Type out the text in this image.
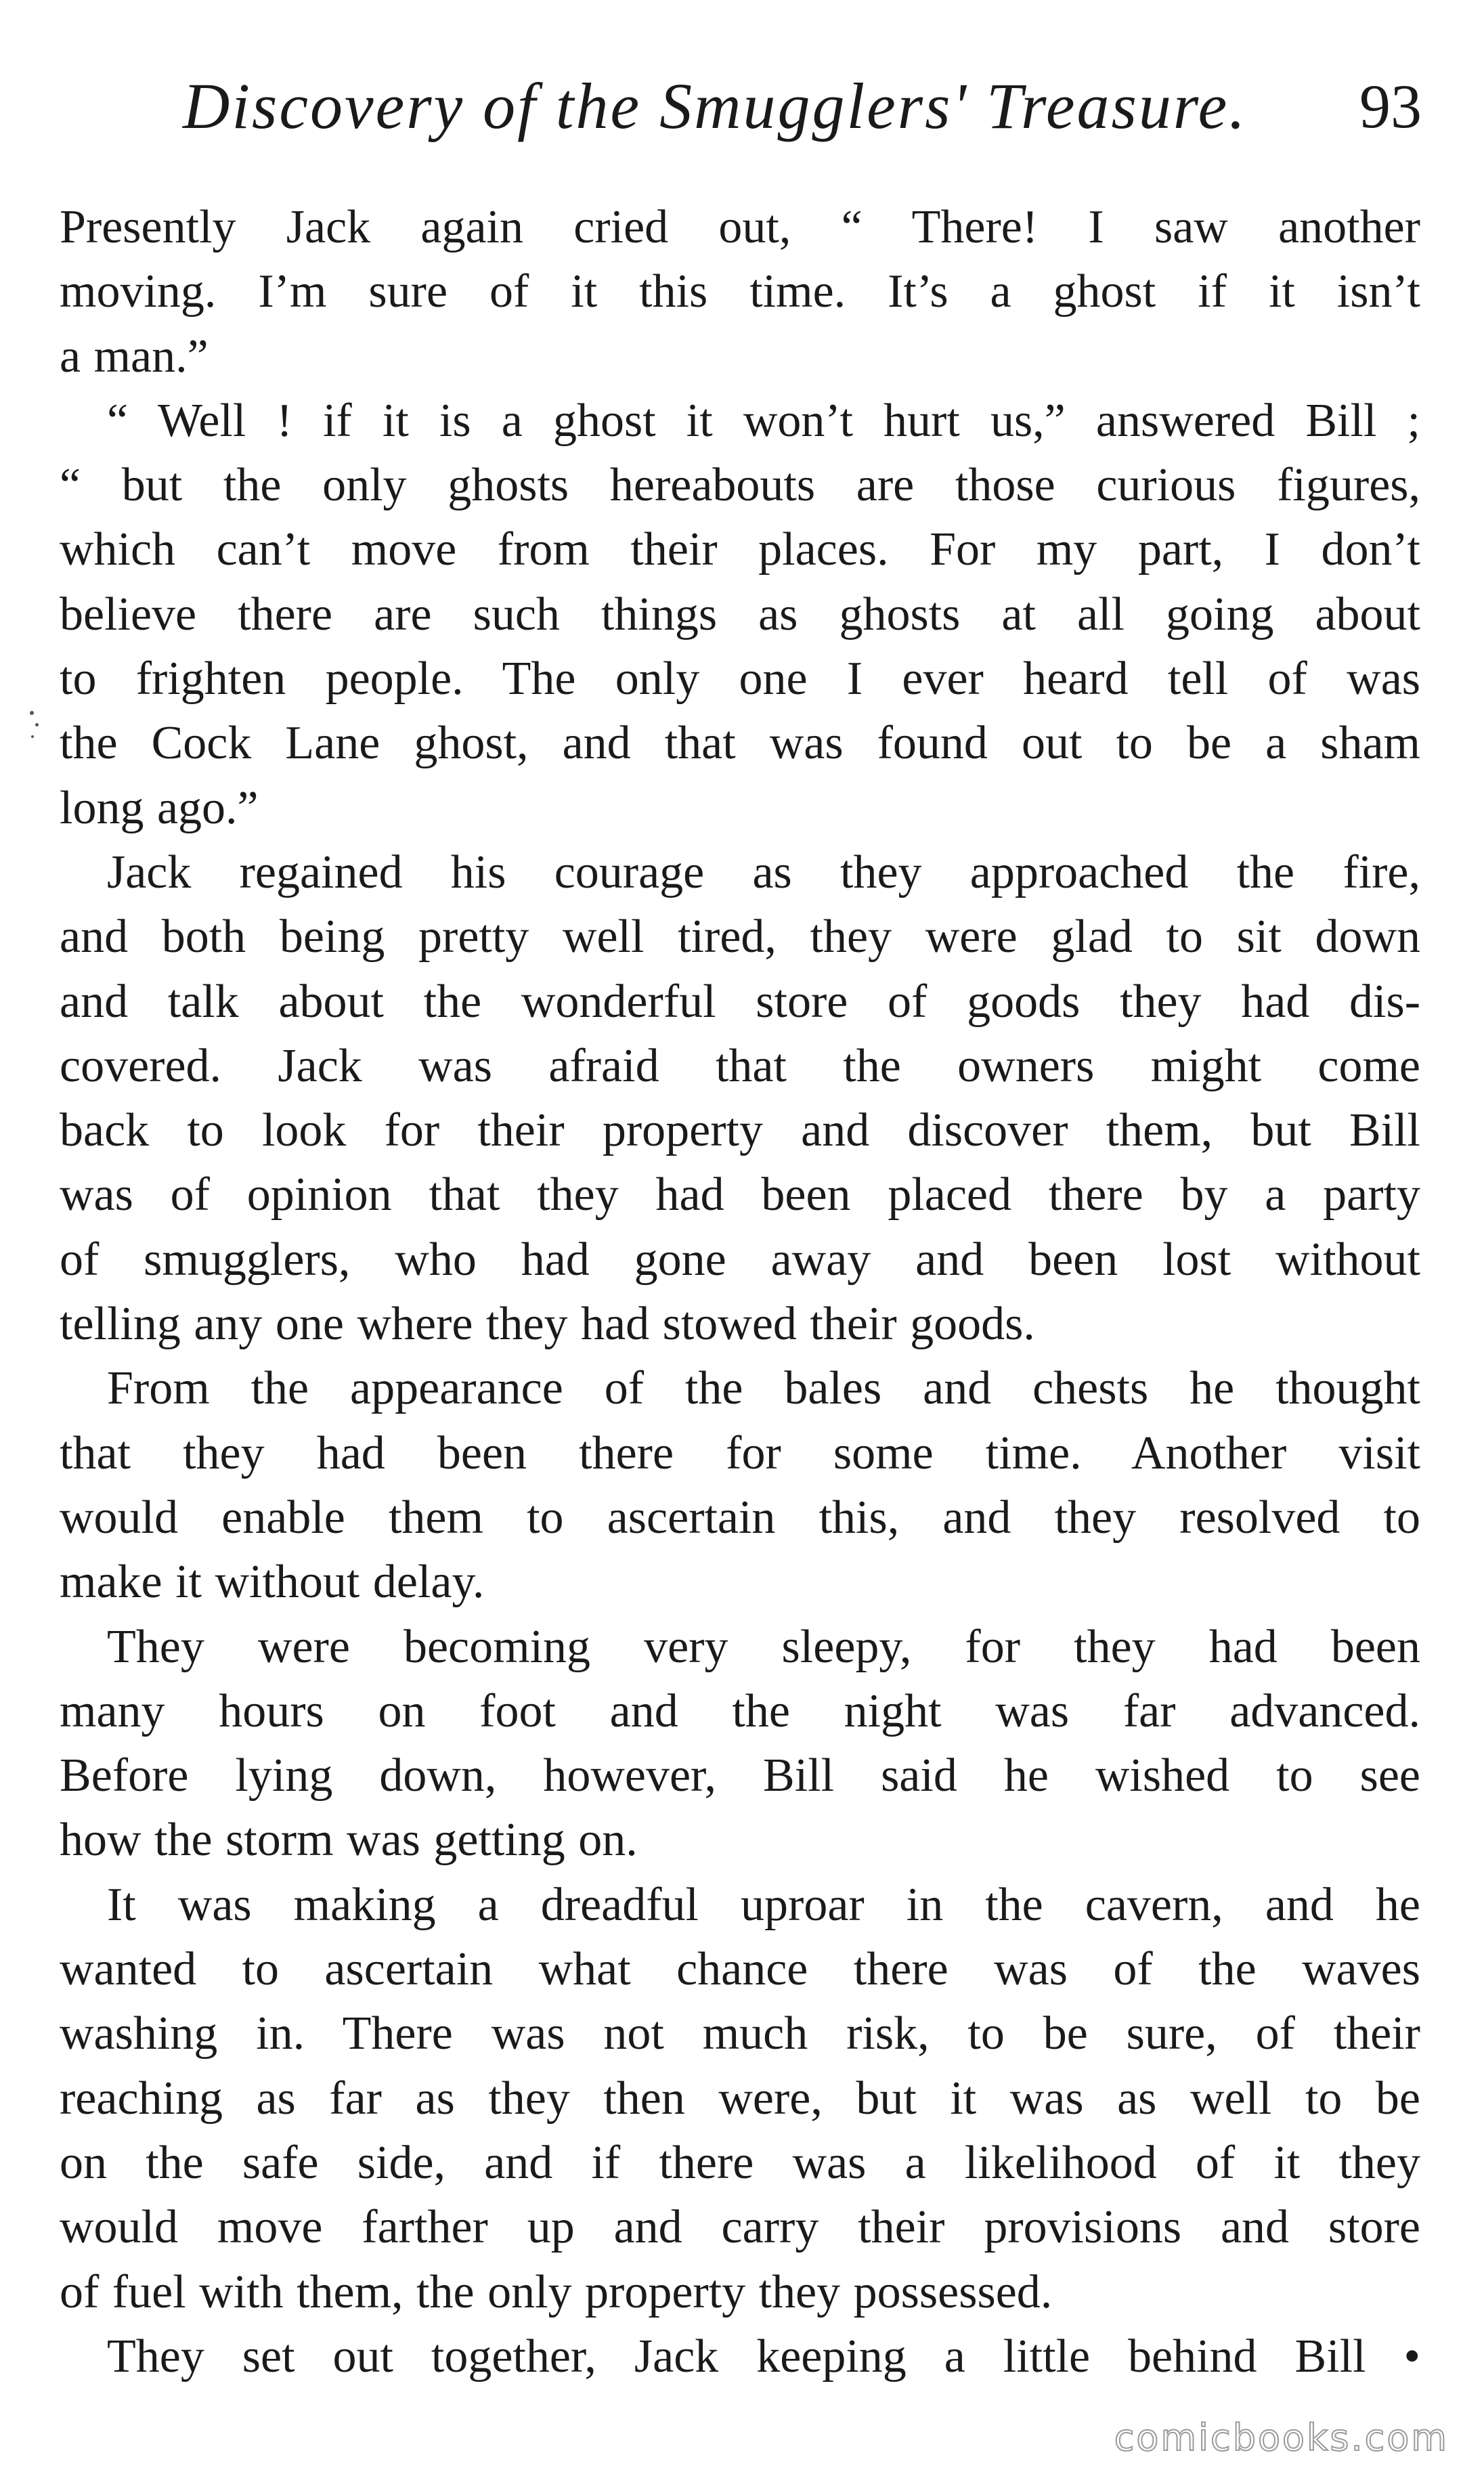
Discovery of the Smugglers' Treasure. 93
Presently Jack again cried out, “ There! I saw another
moving. I’m sure of it this time. It’s a ghost if it isn’t
a man.”
“ Well ! if it is a ghost it won’t hurt us,” answered Bill ;
“ but the only ghosts hereabouts are those curious figures,
which can’t move from their places. For my part, I don’t
believe there are such things as ghosts at all going about
to frighten people. The only one I ever heard tell of was
the Cock Lane ghost, and that was found out to be a sham
long ago.”
Jack regained his courage as they approached the fire,
and both being pretty well tired, they were glad to sit down
and talk about the wonderful store of goods they had dis-
covered. Jack was afraid that the owners might come
back to look for their property and discover them, but Bill
was of opinion that they had been placed there by a party
of smugglers, who had gone away and been lost without
telling any one where they had stowed their goods.
From the appearance of the bales and chests he thought
that they had been there for some time. Another visit
would enable them to ascertain this, and they resolved to
make it without delay.
They were becoming very sleepy, for they had been
many hours on foot and the night was far advanced.
Before lying down, however, Bill said he wished to see
how the storm was getting on.
It was making a dreadful uproar in the cavern, and he
wanted to ascertain what chance there was of the waves
washing in. There was not much risk, to be sure, of their
reaching as far as they then were, but it was as well to be
on the safe side, and if there was a likelihood of it they
would move farther up and carry their provisions and store
of fuel with them, the only property they possessed.
They set out together, Jack keeping a little behind Bill •
comicbooks.com
